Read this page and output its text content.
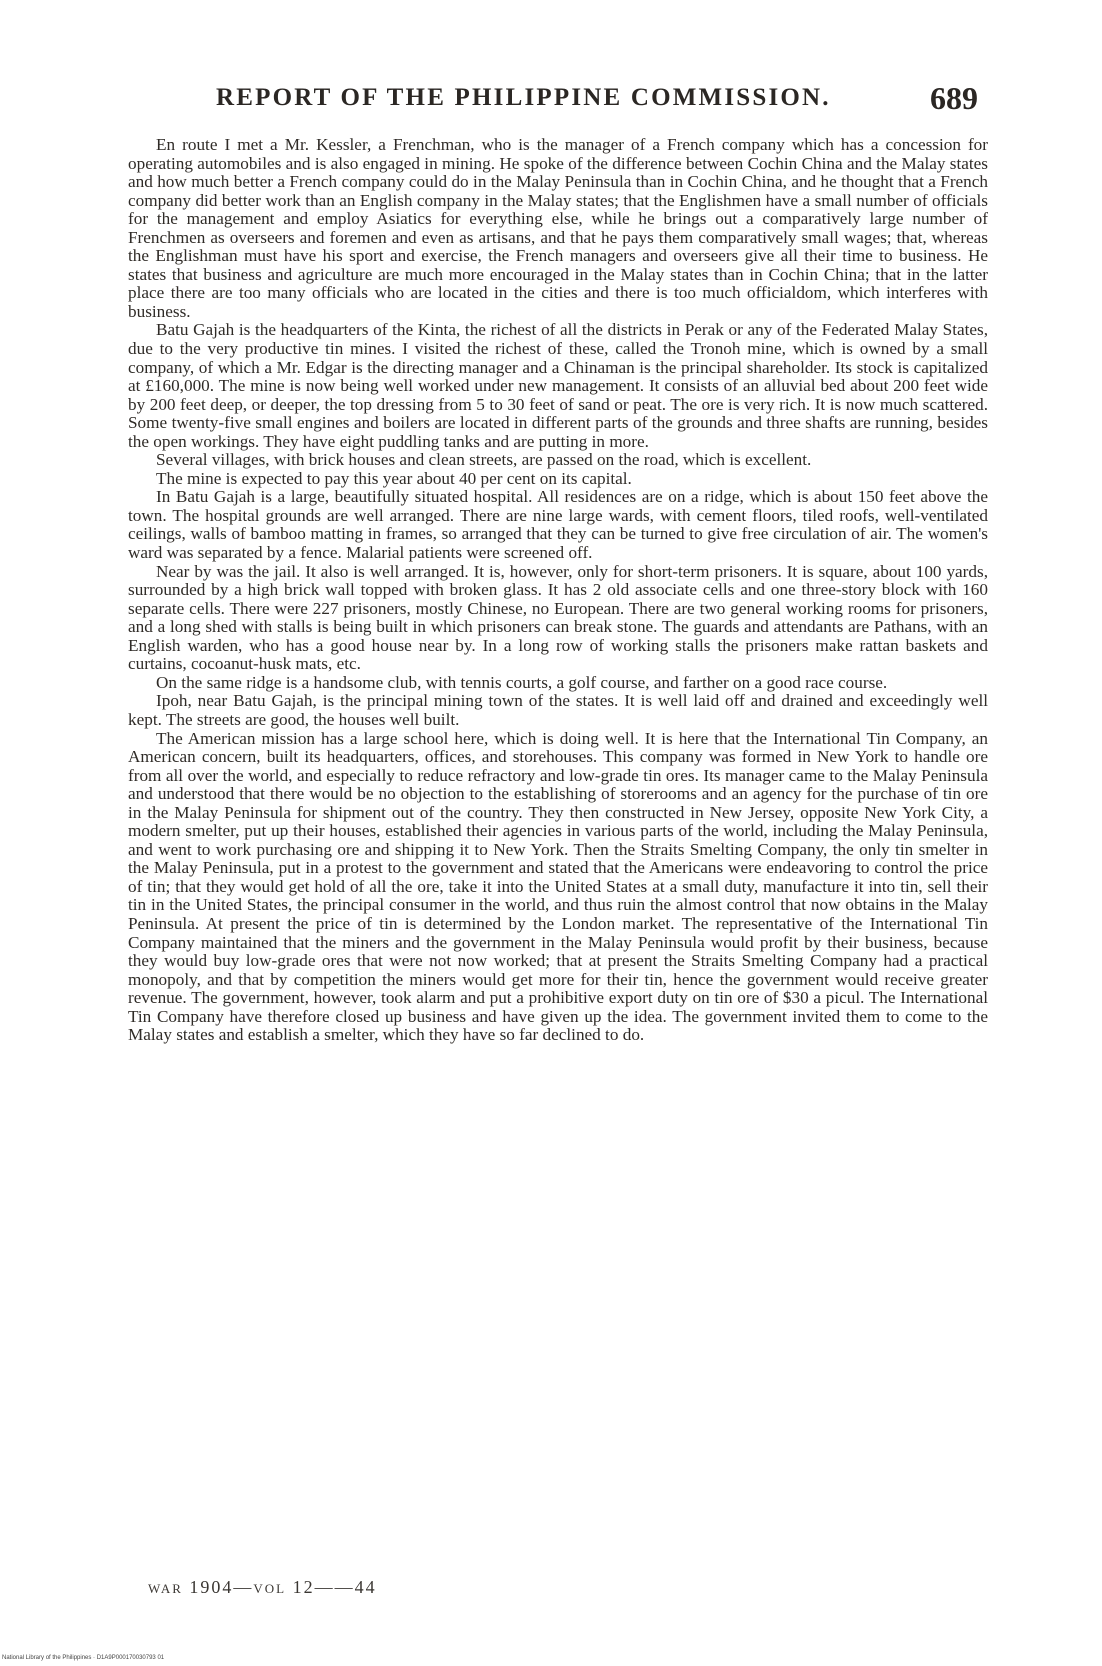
REPORT OF THE PHILIPPINE COMMISSION.	689

En route I met a Mr. Kessler, a Frenchman, who is the manager of a French company which has a concession for operating automobiles and is also engaged in mining. He spoke of the difference between Cochin China and the Malay states and how much better a French company could do in the Malay Peninsula than in Cochin China, and he thought that a French company did better work than an English company in the Malay states; that the Englishmen have a small number of officials for the management and employ Asiatics for everything else, while he brings out a comparatively large number of Frenchmen as overseers and foremen and even as artisans, and that he pays them comparatively small wages; that, whereas the Englishman must have his sport and exercise, the French managers and overseers give all their time to business. He states that business and agriculture are much more encouraged in the Malay states than in Cochin China; that in the latter place there are too many officials who are located in the cities and there is too much officialdom, which interferes with business.

Batu Gajah is the headquarters of the Kinta, the richest of all the districts in Perak or any of the Federated Malay States, due to the very productive tin mines. I visited the richest of these, called the Tronoh mine, which is owned by a small company, of which a Mr. Edgar is the directing manager and a Chinaman is the principal shareholder. Its stock is capitalized at £160,000. The mine is now being well worked under new management. It consists of an alluvial bed about 200 feet wide by 200 feet deep, or deeper, the top dressing from 5 to 30 feet of sand or peat. The ore is very rich. It is now much scattered. Some twenty-five small engines and boilers are located in different parts of the grounds and three shafts are running, besides the open workings. They have eight puddling tanks and are putting in more.

Several villages, with brick houses and clean streets, are passed on the road, which is excellent.

The mine is expected to pay this year about 40 per cent on its capital.

In Batu Gajah is a large, beautifully situated hospital. All residences are on a ridge, which is about 150 feet above the town. The hospital grounds are well arranged. There are nine large wards, with cement floors, tiled roofs, well-ventilated ceilings, walls of bamboo matting in frames, so arranged that they can be turned to give free circulation of air. The women's ward was separated by a fence. Malarial patients were screened off.

Near by was the jail. It also is well arranged. It is, however, only for short-term prisoners. It is square, about 100 yards, surrounded by a high brick wall topped with broken glass. It has 2 old associate cells and one three-story block with 160 separate cells. There were 227 prisoners, mostly Chinese, no European. There are two general working rooms for prisoners, and a long shed with stalls is being built in which prisoners can break stone. The guards and attendants are Pathans, with an English warden, who has a good house near by. In a long row of working stalls the prisoners make rattan baskets and curtains, cocoanut-husk mats, etc.

On the same ridge is a handsome club, with tennis courts, a golf course, and farther on a good race course.

Ipoh, near Batu Gajah, is the principal mining town of the states. It is well laid off and drained and exceedingly well kept. The streets are good, the houses well built.

The American mission has a large school here, which is doing well. It is here that the International Tin Company, an American concern, built its headquarters, offices, and storehouses. This company was formed in New York to handle ore from all over the world, and especially to reduce refractory and low-grade tin ores. Its manager came to the Malay Peninsula and understood that there would be no objection to the establishing of storerooms and an agency for the purchase of tin ore in the Malay Peninsula for shipment out of the country. They then constructed in New Jersey, opposite New York City, a modern smelter, put up their houses, established their agencies in various parts of the world, including the Malay Peninsula, and went to work purchasing ore and shipping it to New York. Then the Straits Smelting Company, the only tin smelter in the Malay Peninsula, put in a protest to the government and stated that the Americans were endeavoring to control the price of tin; that they would get hold of all the ore, take it into the United States at a small duty, manufacture it into tin, sell their tin in the United States, the principal consumer in the world, and thus ruin the almost control that now obtains in the Malay Peninsula. At present the price of tin is determined by the London market. The representative of the International Tin Company maintained that the miners and the government in the Malay Peninsula would profit by their business, because they would buy low-grade ores that were not now worked; that at present the Straits Smelting Company had a practical monopoly, and that by competition the miners would get more for their tin, hence the government would receive greater revenue. The government, however, took alarm and put a prohibitive export duty on tin ore of $30 a picul. The International Tin Company have therefore closed up business and have given up the idea. The government invited them to come to the Malay states and establish a smelter, which they have so far declined to do.

war 1904—vol 12——44
National Library of the Philippines · D1A9P000170030793 01
